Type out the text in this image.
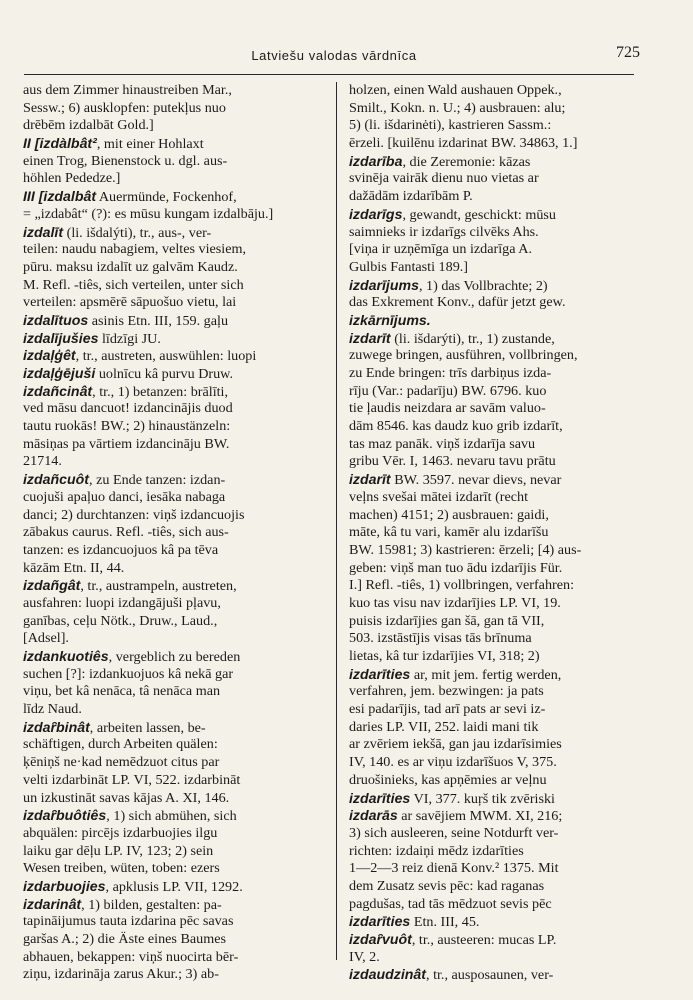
Latviešu valodas vārdnīca	725
aus dem Zimmer hinaustreiben Mar.,
Sessw.; 6) ausklopfen: putekļus nuo
drēbēm izdalbāt Gold.]
II [izdàlbât², mit einer Hohlaxt
einen Trog, Bienenstock u. dgl. aus-
höhlen Pededze.]
III [izdalbât Auermünde, Fockenhof,
= „izdabât“ (?): es mūsu kungam izdalbāju.]
izdalīt (li. išdalýti), tr., aus-, ver-
teilen: naudu nabagiem, veltes viesiem,
pūru. maksu izdalīt uz galvām Kaudz.
M. Refl. -tiês, sich verteilen, unter sich
verteilen: apsmērē sāpuošuo vietu, lai
izdalītuos asinis Etn. III, 159. gaļu
izdalījušies līdzīgi JU.
izdaļģêt, tr., austreten, auswühlen: luopi
izdaļģējuši uolnīcu kâ purvu Druw.
izdañcinât, tr., 1) betanzen: brālīti,
ved māsu dancuot! izdancinājis duod
tautu ruokās! BW.; 2) hinaustänzeln:
māsiņas pa vārtiem izdancināju BW.
21714.
izdañcuôt, zu Ende tanzen: izdan-
cuojuši apaļuo danci, iesāka nabaga
danci; 2) durchtanzen: viņš izdancuojis
zābakus caurus. Refl. -tiês, sich aus-
tanzen: es izdancuojuos kâ pa tēva
kāzām Etn. II, 44.
izdañgât, tr., austrampeln, austreten,
ausfahren: luopi izdangājuši pļavu,
ganības, ceļu Nötk., Druw., Laud.,
[Adsel].
izdankuotiês, vergeblich zu bereden
suchen [?]: izdankuojuos kâ nekā gar
viņu, bet kâ nenāca, tâ nenāca man
līdz Naud.
izdaȓbinât, arbeiten lassen, be-
schäftigen, durch Arbeiten quälen:
ķēniņš ne·kad nemēdzuot citus par
velti izdarbināt LP. VI, 522. izdarbināt
un izkustināt savas kājas A. XI, 146.
izdaȓbuôtiês, 1) sich abmühen, sich
abquälen: pircējs izdarbuojies ilgu
laiku gar dēļu LP. IV, 123; 2) sein
Wesen treiben, wüten, toben: ezers
izdarbuojies, apklusis LP. VII, 1292.
izdarinât, 1) bilden, gestalten: pa-
tapināijumus tauta izdarina pēc savas
garšas A.; 2) die Äste eines Baumes
abhauen, bekappen: viņš nuocirta bēr-
ziņu, izdarināja zarus Akur.; 3) ab-
holzen, einen Wald aushauen Oppek.,
Smilt., Kokn. n. U.; 4) ausbrauen: alu;
5) (li. išdarinėti), kastrieren Sassm.:
ērzeli. [kuilēnu izdarinat BW. 34863, 1.]
izdarība, die Zeremonie: kāzas
svinēja vairāk dienu nuo vietas ar
dažādām izdarībām P.
izdarīgs, gewandt, geschickt: mūsu
saimnieks ir izdarīgs cilvēks Ahs.
[viņa ir uzņēmīga un izdarīga A.
Gulbis Fantasti 189.]
izdarījums, 1) das Vollbrachte; 2)
das Exkrement Konv., dafür jetzt gew.
izkārnījums.
izdarīt (li. išdarýti), tr., 1) zustande,
zuwege bringen, ausführen, vollbringen,
zu Ende bringen: trīs darbiņus izda-
rīju (Var.: padarīju) BW. 6796. kuo
tie ļaudis neizdara ar savām valuo-
dām 8546. kas daudz kuo grib izdarīt,
tas maz panāk. viņš izdarīja savu
gribu Vēr. I, 1463. nevaru tavu prātu
izdarīt BW. 3597. nevar dievs, nevar
veļns svešai mātei izdarīt (recht
machen) 4151; 2) ausbrauen: gaidi,
māte, kâ tu vari, kamēr alu izdarīšu
BW. 15981; 3) kastrieren: ērzeli; [4) aus-
geben: viņš man tuo ādu izdarījis Für.
I.] Refl. -tiês, 1) vollbringen, verfahren:
kuo tas visu nav izdarījies LP. VI, 19.
puisis izdarījies gan šā, gan tā VII,
503. izstāstījis visas tās brīnuma
lietas, kâ tur izdarījies VI, 318; 2)
izdarīties ar, mit jem. fertig werden,
verfahren, jem. bezwingen: ja pats
esi padarījis, tad arī pats ar sevi iz-
daries LP. VII, 252. laidi mani tik
ar zvēriem iekšā, gan jau izdarīsimies
IV, 140. es ar viņu izdarīšuos V, 375.
druošinieks, kas apņēmies ar veļnu
izdarīties VI, 377. kuŗš tik zvēriski
izdarās ar savējiem MWM. XI, 216;
3) sich ausleeren, seine Notdurft ver-
richten: izdaiņi mēdz izdarīties
1—2—3 reiz dienā Konv.² 1375. Mit
dem Zusatz sevis pēc: kad raganas
pagdušas, tad tās mēdzuot sevis pēc
izdarīties Etn. III, 45.
izdaȓvuôt, tr., austeeren: mucas LP.
IV, 2.
izdaudzinât, tr., ausposaunen, ver-
